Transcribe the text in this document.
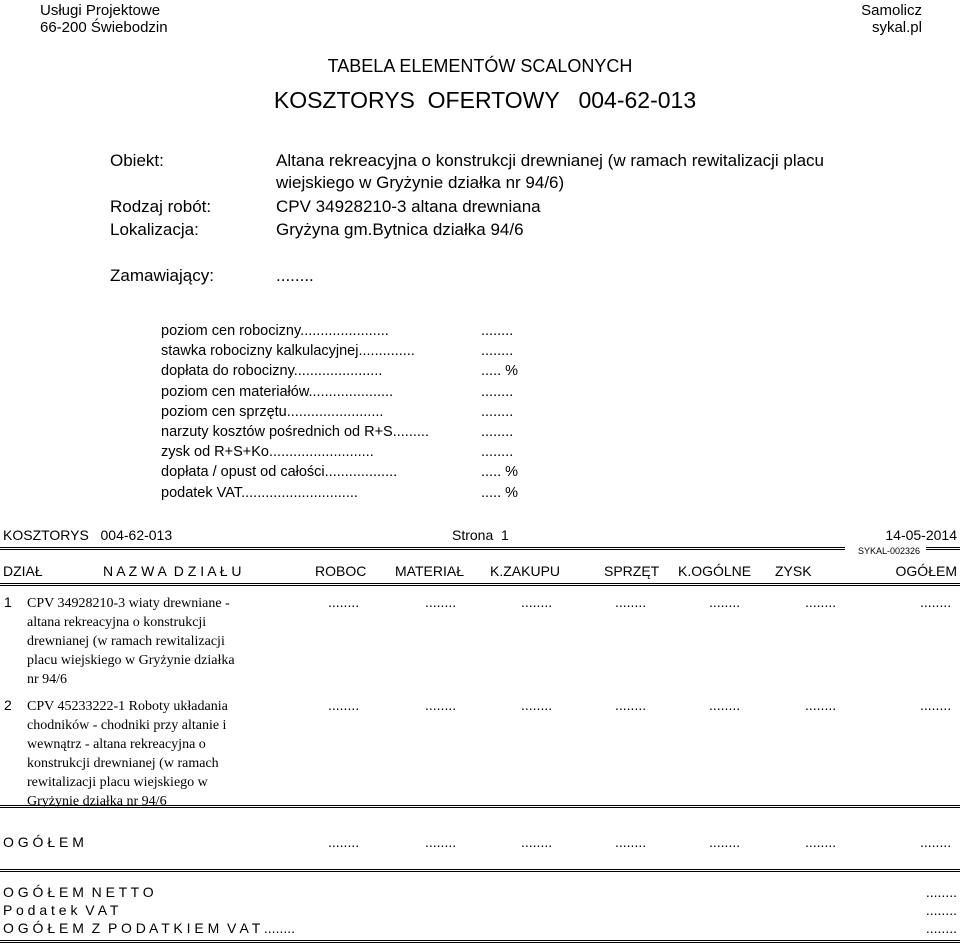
Usługi Projektowe
66-200 Świebodzin
Samolicz
sykal.pl
TABELA ELEMENTÓW SCALONYCH
KOSZTORYS  OFERTOWY   004-62-013
Obiekt:	Altana rekreacyjna o konstrukcji drewnianej (w ramach rewitalizacji placu
wiejskiego w Gryżynie działka nr 94/6)
Rodzaj robót:	CPV 34928210-3 altana drewniana
Lokalizacja:	Gryżyna gm.Bytnica działka 94/6
Zamawiający:	........
poziom cen robocizny......................	........
stawka robocizny kalkulacyjnej..............	........
dopłata do robocizny......................	..... %
poziom cen materiałów.....................	........
poziom cen sprzętu........................	........
narzuty kosztów pośrednich od R+S.........	........
zysk od R+S+Ko..........................	........
dopłata / opust od całości..................	..... %
podatek VAT.............................	..... %
KOSZTORYS   004-62-013	Strona  1	14-05-2014
SYKAL-002326
DZIAŁ	N A Z W A  D Z I A Ł U	ROBOC MATERIAŁ K.ZAKUPU	SPRZĘT K.OGÓLNE ZYSK	OGÓŁEM
1 CPV 34928210-3 wiaty drewniane -
altana rekreacyjna o konstrukcji
drewnianej (w ramach rewitalizacji
placu wiejskiego w Gryżynie działka
nr 94/6
........	........	........	........	........	........	........
2 CPV 45233222-1 Roboty układania
chodników - chodniki przy altanie i
wewnątrz - altana rekreacyjna o
konstrukcji drewnianej (w ramach
rewitalizacji placu wiejskiego w
Gryżynie działka nr 94/6
........	........	........	........	........	........	........
O G Ó Ł E M	........	........	........	........	........	........	........
O G Ó Ł E M  N E T T O	........
P o d a t e k  V A T	........
O G Ó Ł E M  Z  P O D A T K I E M  V A T ........	........
